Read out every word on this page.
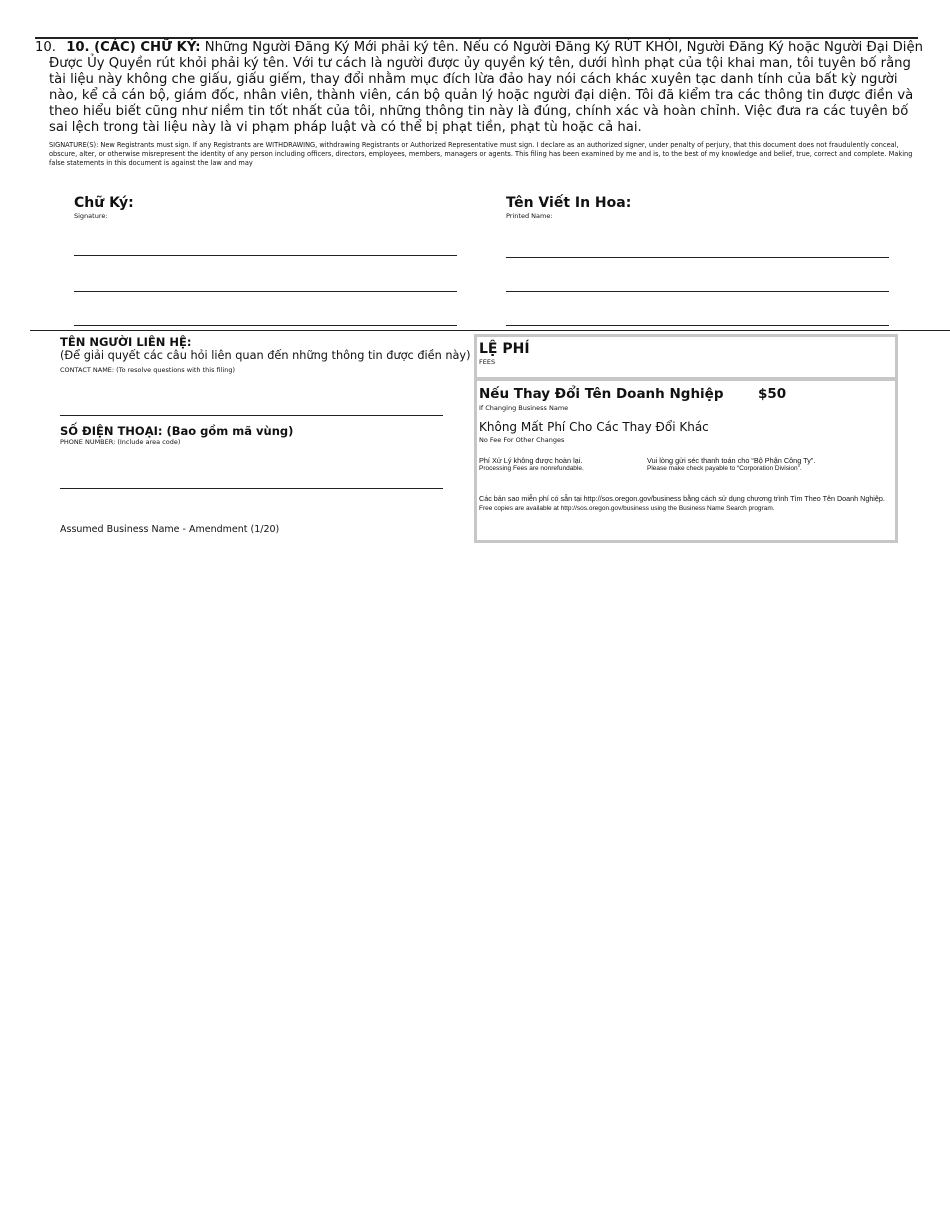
10. 10. (CÁC) CHỮ KÝ: Những Người Đăng Ký Mới phải ký tên. Nếu có Người Đăng Ký RÚT KHỎI, Người Đăng Ký hoặc Người Đại Diện Được Ủy Quyền rút khỏi phải ký tên. Với tư cách là người được ủy quyền ký tên, dưới hình phạt của tội khai man, tôi tuyên bố rằng tài liệu này không che giấu, giấu giếm, thay đổi nhằm mục đích lừa đảo hay nói cách khác xuyên tạc danh tính của bất kỳ người nào, kể cả cán bộ, giám đốc, nhân viên, thành viên, cán bộ quản lý hoặc người đại diện. Tôi đã kiểm tra các thông tin được điền và theo hiểu biết cũng như niềm tin tốt nhất của tôi, những thông tin này là đúng, chính xác và hoàn chỉnh. Việc đưa ra các tuyên bố sai lệch trong tài liệu này là vi phạm pháp luật và có thể bị phạt tiền, phạt tù hoặc cả hai.
SIGNATURE(S): New Registrants must sign. If any Registrants are WITHDRAWING, withdrawing Registrants or Authorized Representative must sign. I declare as an authorized signer, under penalty of perjury, that this document does not fraudulently conceal, obscure, alter, or otherwise misrepresent the identity of any person including officers, directors, employees, members, managers or agents. This filing has been examined by me and is, to the best of my knowledge and belief, true, correct and complete. Making false statements in this document is against the law and may
Chữ Ký:
Signature:
Tên Viết In Hoa:
Printed Name:
TÊN NGƯỜI LIÊN HỆ:
(Để giải quyết các câu hỏi liên quan đến những thông tin được điền này)
CONTACT NAME: (To resolve questions with this filing)
SỐ ĐIỆN THOẠI: (Bao gồm mã vùng)
PHONE NUMBER: (Include area code)
Assumed Business Name - Amendment (1/20)
LỆ PHÍ
FEES
Nếu Thay Đổi Tên Doanh Nghiệp	$50
If Changing Business Name
Không Mất Phí Cho Các Thay Đổi Khác
No Fee For Other Changes
Phí Xử Lý không được hoàn lại.
Processing Fees are nonrefundable.
Vui lòng gửi séc thanh toán cho “Bộ Phận Công Ty”.
Please make check payable to “Corporation Division”.
Các bản sao miễn phí có sẵn tại http://sos.oregon.gov/business bằng cách sử dụng chương trình Tìm Theo Tên Doanh Nghiệp.
Free copies are available at http://sos.oregon.gov/business using the Business Name Search program.
